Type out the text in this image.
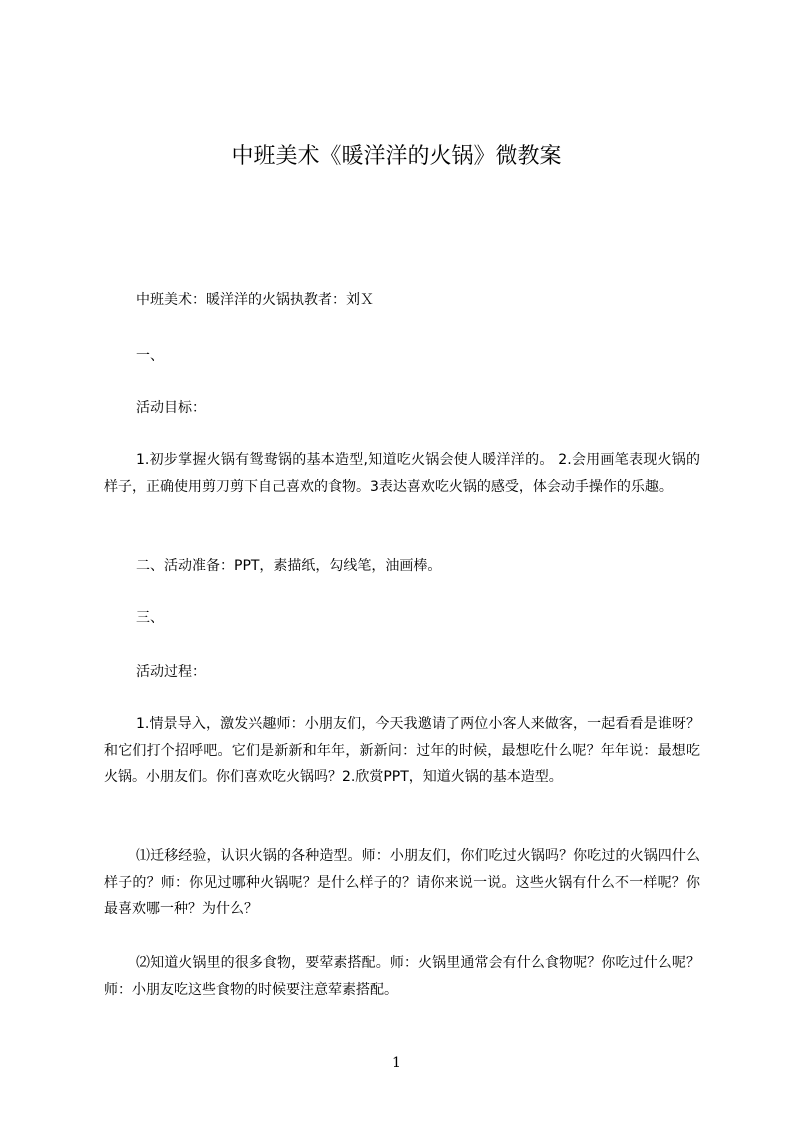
中班美术《暖洋洋的火锅》微教案

中班美术：暖洋洋的火锅执教者：刘Ｘ

一、

活动目标：

1.初步掌握火锅有鸳鸯锅的基本造型,知道吃火锅会使人暖洋洋的。 2.会用画笔表现火锅的样子，正确使用剪刀剪下自己喜欢的食物。3表达喜欢吃火锅的感受，体会动手操作的乐趣。

二、活动准备：PPT，素描纸，勾线笔，油画棒。

三、

活动过程：

1.情景导入，激发兴趣师：小朋友们，今天我邀请了两位小客人来做客，一起看看是谁呀？和它们打个招呼吧。它们是新新和年年，新新问：过年的时候，最想吃什么呢？年年说：最想吃火锅。小朋友们。你们喜欢吃火锅吗？2.欣赏PPT，知道火锅的基本造型。

⑴迁移经验，认识火锅的各种造型。师：小朋友们，你们吃过火锅吗？你吃过的火锅四什么样子的？师：你见过哪种火锅呢？是什么样子的？请你来说一说。这些火锅有什么不一样呢？你最喜欢哪一种？为什么？

⑵知道火锅里的很多食物，要荤素搭配。师：火锅里通常会有什么食物呢？你吃过什么呢？师：小朋友吃这些食物的时候要注意荤素搭配。

1
